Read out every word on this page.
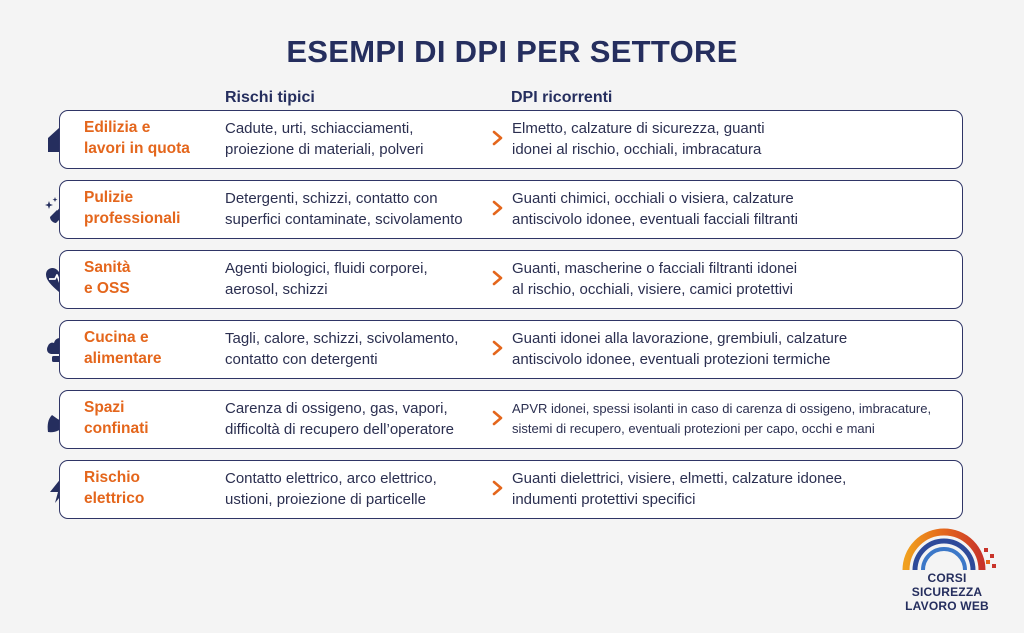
ESEMPI DI DPI PER SETTORE
Rischi tipici	DPI ricorrenti
Edilizia e
lavori in quota
Cadute, urti, schiacciamenti,
proiezione di materiali, polveri
Elmetto, calzature di sicurezza, guanti
idonei al rischio, occhiali, imbracatura
Pulizie
professionali
Detergenti, schizzi, contatto con
superfici contaminate, scivolamento
Guanti chimici, occhiali o visiera, calzature
antiscivolo idonee, eventuali facciali filtranti
Sanità
e OSS
Agenti biologici, fluidi corporei,
aerosol, schizzi
Guanti, mascherine o facciali filtranti idonei
al rischio, occhiali, visiere, camici protettivi
Cucina e
alimentare
Tagli, calore, schizzi, scivolamento,
contatto con detergenti
Guanti idonei alla lavorazione, grembiuli, calzature
antiscivolo idonee, eventuali protezioni termiche
Spazi
confinati
Carenza di ossigeno, gas, vapori,
difficoltà di recupero dell’operatore
APVR idonei, spessi isolanti in caso di carenza di ossigeno, imbracature,
sistemi di recupero, eventuali protezioni per capo, occhi e mani
Rischio
elettrico
Contatto elettrico, arco elettrico,
ustioni, proiezione di particelle
Guanti dielettrici, visiere, elmetti, calzature idonee,
indumenti protettivi specifici
CORSI SICUREZZA
LAVORO WEB
